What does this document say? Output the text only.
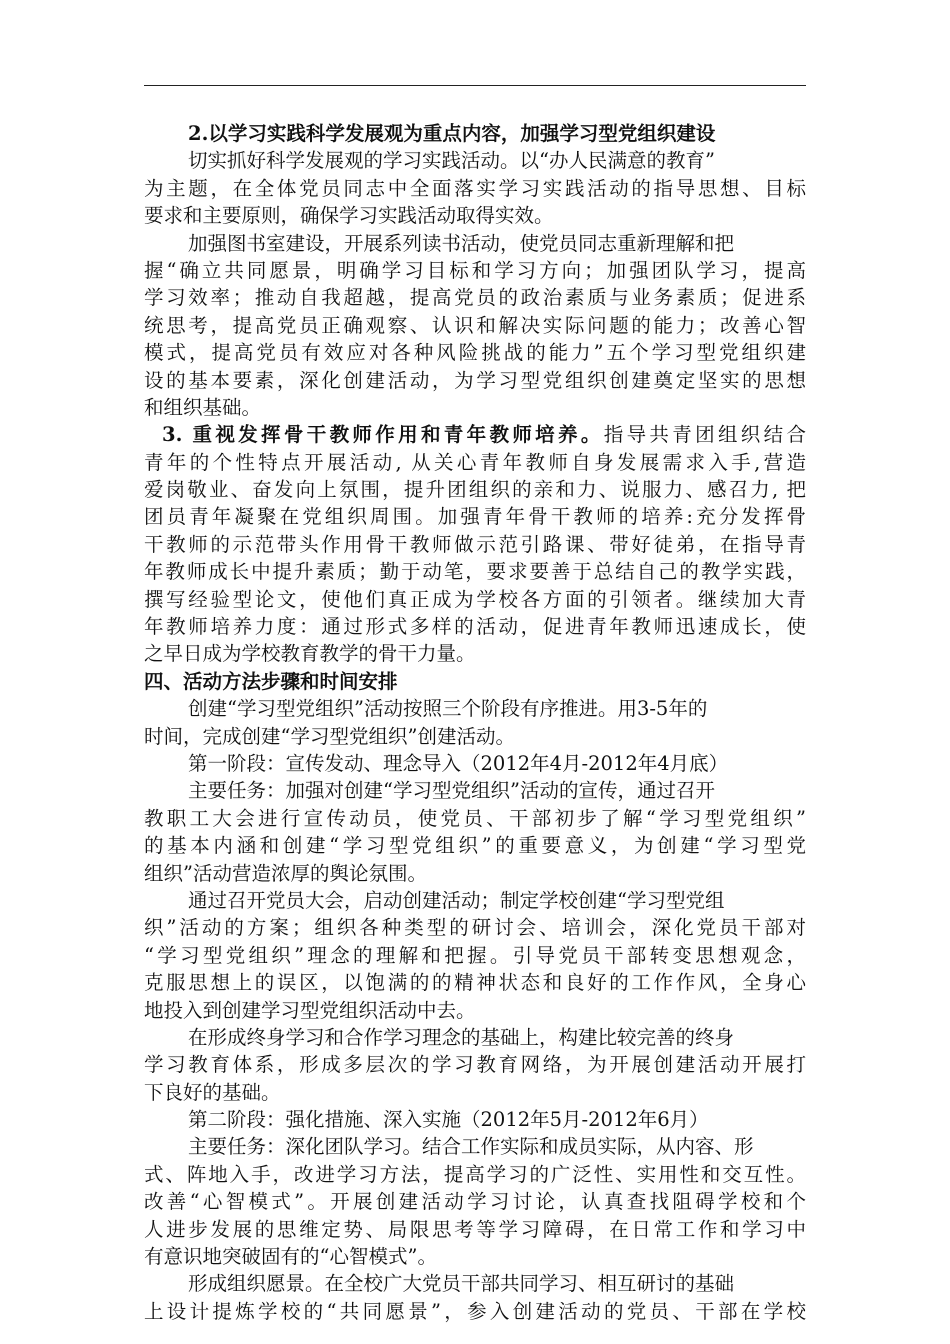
2.以学习实践科学发展观为重点内容，加强学习型党组织建设
切实抓好科学发展观的学习实践活动。以“办人民满意的教育”
为主题，在全体党员同志中全面落实学习实践活动的指导思想、目标
要求和主要原则，确保学习实践活动取得实效。
加强图书室建设，开展系列读书活动，使党员同志重新理解和把
握“确立共同愿景，明确学习目标和学习方向；加强团队学习，提高
学习效率；推动自我超越，提高党员的政治素质与业务素质；促进系
统思考，提高党员正确观察、认识和解决实际问题的能力；改善心智
模式，提高党员有效应对各种风险挑战的能力”五个学习型党组织建
设的基本要素，深化创建活动，为学习型党组织创建奠定坚实的思想
和组织基础。
3. 重视发挥骨干教师作用和青年教师培养。指导共青团组织结合
青年的个性特点开展活动, 从关心青年教师自身发展需求入手,营造
爱岗敬业、奋发向上氛围，提升团组织的亲和力、说服力、感召力, 把
团员青年凝聚在党组织周围。加强青年骨干教师的培养:充分发挥骨
干教师的示范带头作用骨干教师做示范引路课、带好徒弟，在指导青
年教师成长中提升素质；勤于动笔，要求要善于总结自己的教学实践，
撰写经验型论文，使他们真正成为学校各方面的引领者。继续加大青
年教师培养力度：通过形式多样的活动，促进青年教师迅速成长，使
之早日成为学校教育教学的骨干力量。
四、活动方法步骤和时间安排
创建“学习型党组织”活动按照三个阶段有序推进。用3-5年的
时间，完成创建“学习型党组织”创建活动。
第一阶段：宣传发动、理念导入（2012年4月-2012年4月底）
主要任务：加强对创建“学习型党组织”活动的宣传，通过召开
教职工大会进行宣传动员，使党员、干部初步了解“学习型党组织”
的基本内涵和创建“学习型党组织”的重要意义，为创建“学习型党
组织”活动营造浓厚的舆论氛围。
通过召开党员大会，启动创建活动；制定学校创建“学习型党组
织”活动的方案；组织各种类型的研讨会、培训会，深化党员干部对
“学习型党组织”理念的理解和把握。引导党员干部转变思想观念，
克服思想上的误区，以饱满的的精神状态和良好的工作作风，全身心
地投入到创建学习型党组织活动中去。
在形成终身学习和合作学习理念的基础上，构建比较完善的终身
学习教育体系，形成多层次的学习教育网络，为开展创建活动开展打
下良好的基础。
第二阶段：强化措施、深入实施（2012年5月-2012年6月）
主要任务：深化团队学习。结合工作实际和成员实际，从内容、形
式、阵地入手，改进学习方法，提高学习的广泛性、实用性和交互性。
改善“心智模式”。开展创建活动学习讨论，认真查找阻碍学校和个
人进步发展的思维定势、局限思考等学习障碍，在日常工作和学习中
有意识地突破固有的“心智模式”。
形成组织愿景。在全校广大党员干部共同学习、相互研讨的基础
上设计提炼学校的“共同愿景”，参入创建活动的党员、干部在学校
